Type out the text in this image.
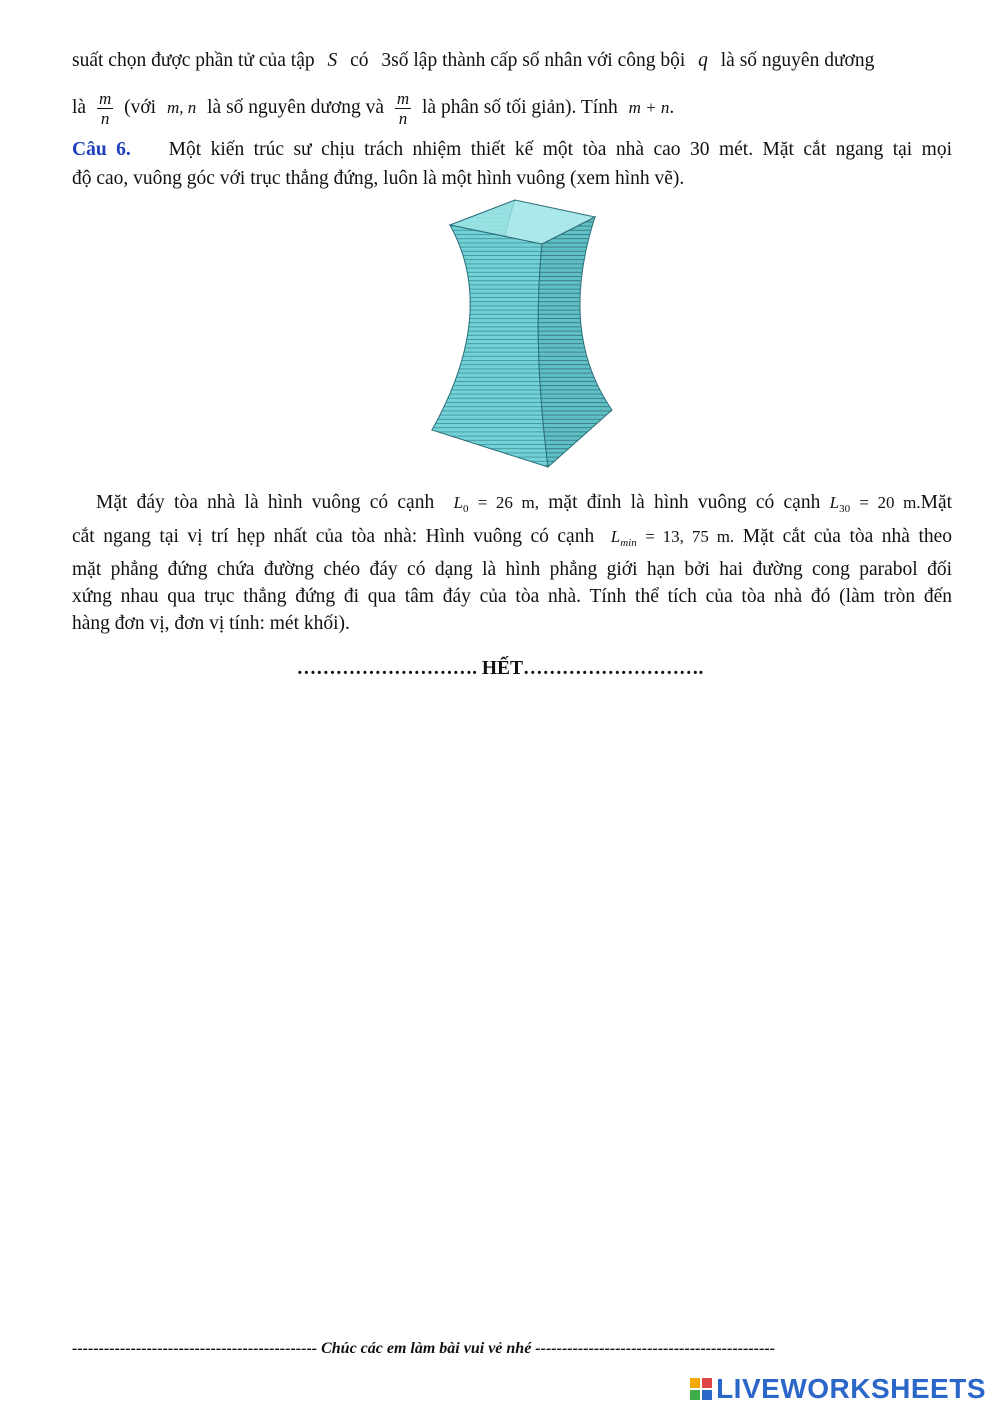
suất chọn được phần tử của tập S có 3số lập thành cấp số nhân với công bội q là số nguyên dương
là $\frac{m}{n}$ (với m, n là số nguyên dương và $\frac{m}{n}$ là phân số tối giản). Tính m + n.
Câu 6. Một kiến trúc sư chịu trách nhiệm thiết kế một tòa nhà cao 30 mét. Mặt cắt ngang tại mọi
độ cao, vuông góc với trục thẳng đứng, luôn là một hình vuông (xem hình vẽ).
Mặt đáy tòa nhà là hình vuông có cạnh $L_0 = 26$ m, mặt đỉnh là hình vuông có cạnh $L_{30} = 20$ m.Mặt
cắt ngang tại vị trí hẹp nhất của tòa nhà: Hình vuông có cạnh $L_{min} = 13$, 75 m. Mặt cắt của tòa nhà theo
mặt phẳng đứng chứa đường chéo đáy có dạng là hình phẳng giới hạn bởi hai đường cong parabol đối
xứng nhau qua trục thẳng đứng đi qua tâm đáy của tòa nhà. Tính thể tích của tòa nhà đó (làm tròn đến
hàng đơn vị, đơn vị tính: mét khối).
………………………. HẾT……………………….
---------------------------------------------- Chúc các em làm bài vui vẻ nhé ---------------------------------------------
LIVEWORKSHEETS
